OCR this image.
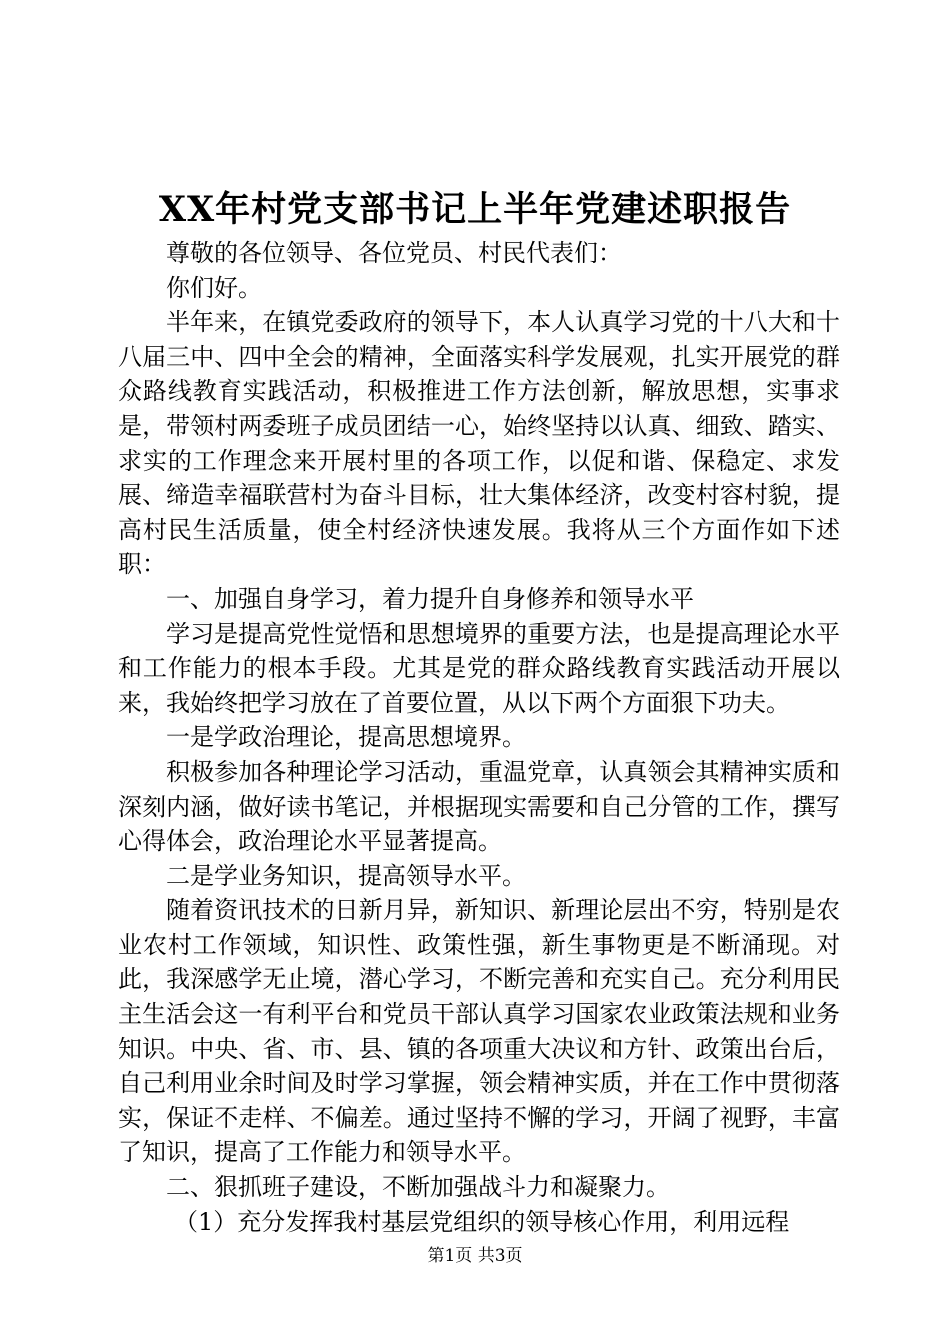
XX年村党支部书记上半年党建述职报告

尊敬的各位领导、各位党员、村民代表们：

你们好。

半年来，在镇党委政府的领导下，本人认真学习党的十八大和十八届三中、四中全会的精神，全面落实科学发展观，扎实开展党的群众路线教育实践活动，积极推进工作方法创新，解放思想，实事求是，带领村两委班子成员团结一心，始终坚持以认真、细致、踏实、求实的工作理念来开展村里的各项工作，以促和谐、保稳定、求发展、缔造幸福联营村为奋斗目标，壮大集体经济，改变村容村貌，提高村民生活质量，使全村经济快速发展。我将从三个方面作如下述职：

一、加强自身学习，着力提升自身修养和领导水平

学习是提高党性觉悟和思想境界的重要方法，也是提高理论水平和工作能力的根本手段。尤其是党的群众路线教育实践活动开展以来，我始终把学习放在了首要位置，从以下两个方面狠下功夫。

一是学政治理论，提高思想境界。

积极参加各种理论学习活动，重温党章，认真领会其精神实质和深刻内涵，做好读书笔记，并根据现实需要和自己分管的工作，撰写心得体会，政治理论水平显著提高。

二是学业务知识，提高领导水平。

随着资讯技术的日新月异，新知识、新理论层出不穷，特别是农业农村工作领域，知识性、政策性强，新生事物更是不断涌现。对此，我深感学无止境，潜心学习，不断完善和充实自己。充分利用民主生活会这一有利平台和党员干部认真学习国家农业政策法规和业务知识。中央、省、市、县、镇的各项重大决议和方针、政策出台后，自己利用业余时间及时学习掌握，领会精神实质，并在工作中贯彻落实，保证不走样、不偏差。通过坚持不懈的学习，开阔了视野，丰富了知识，提高了工作能力和领导水平。

二、狠抓班子建设，不断加强战斗力和凝聚力。

（1）充分发挥我村基层党组织的领导核心作用，利用远程

第1页 共3页
